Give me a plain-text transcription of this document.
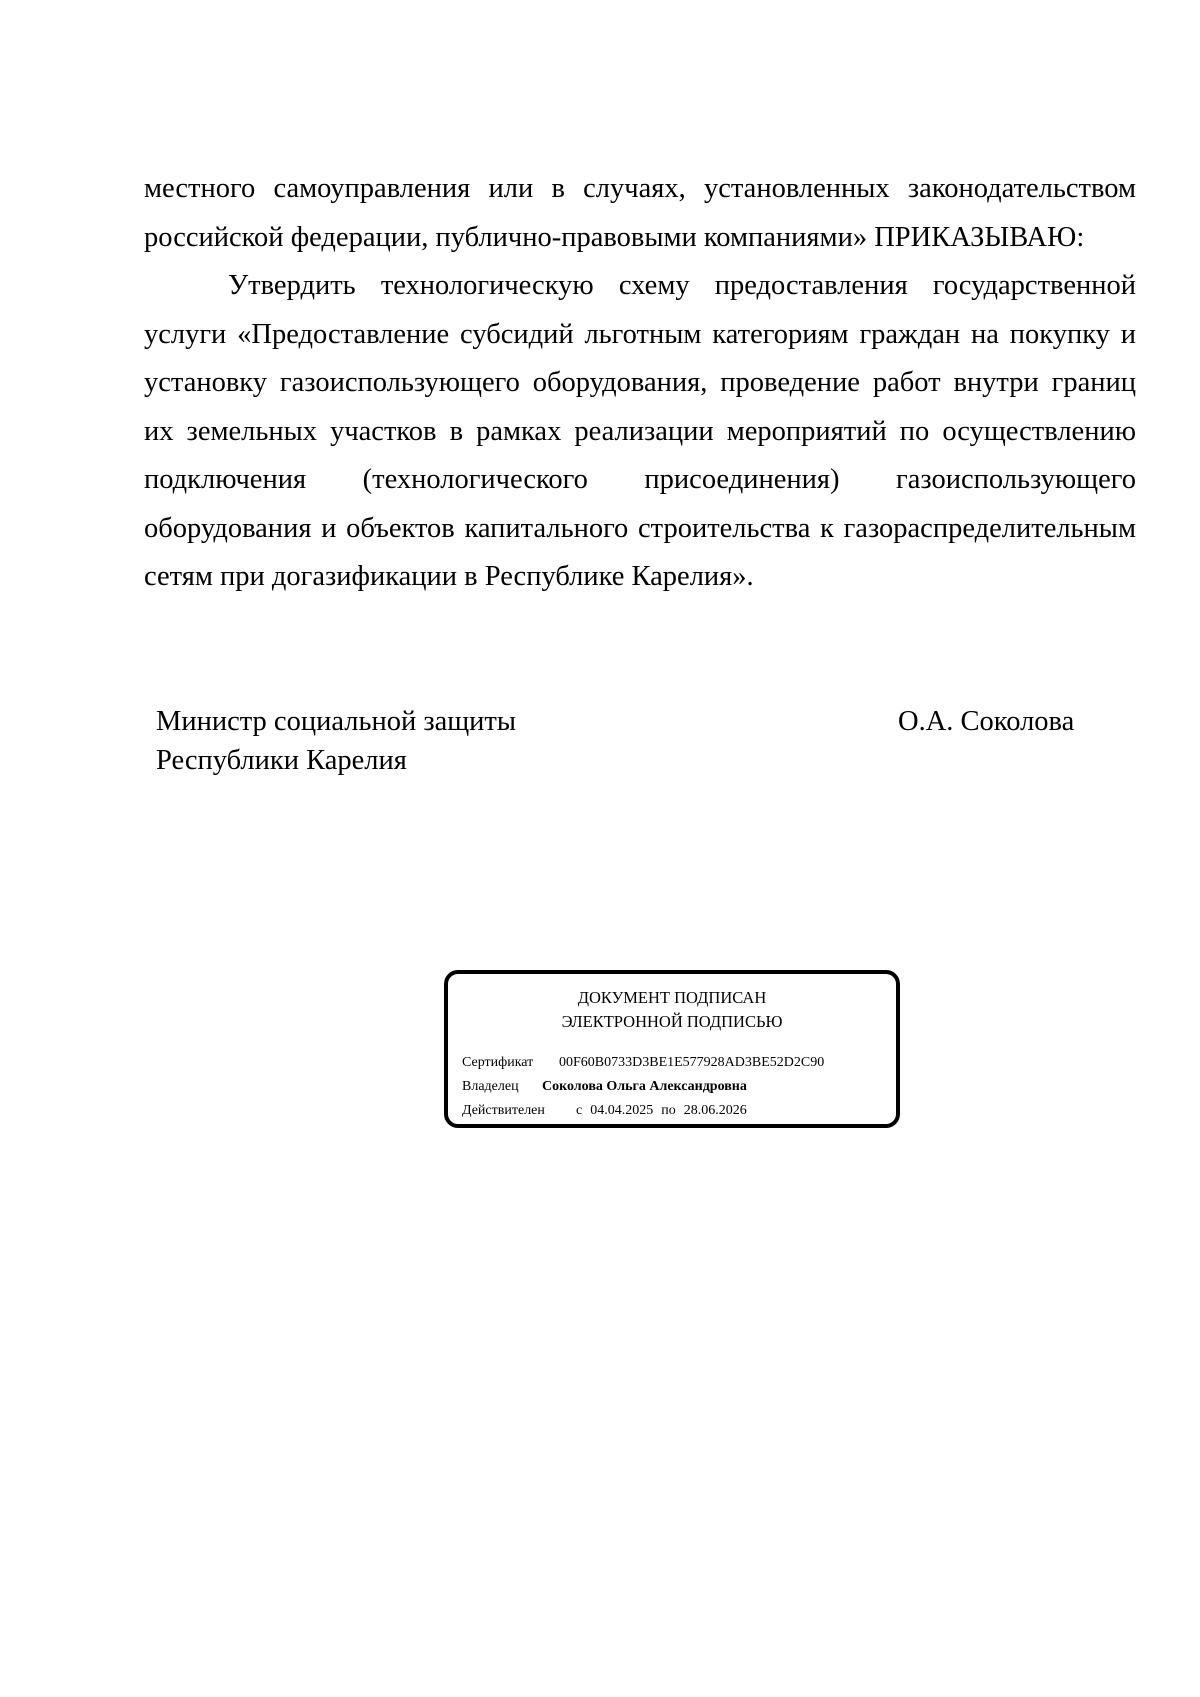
местного самоуправления или в случаях, установленных законодательством российской федерации, публично-правовыми компаниями» ПРИКАЗЫВАЮ:

Утвердить технологическую схему предоставления государственной услуги «Предоставление субсидий льготным категориям граждан на покупку и установку газоиспользующего оборудования, проведение работ внутри границ их земельных участков в рамках реализации мероприятий по осуществлению подключения (технологического присоединения) газоиспользующего оборудования и объектов капитального строительства к газораспределительным сетям при догазификации в Республике Карелия».

Министр социальной защиты
Республики Карелия

О.А. Соколова

ДОКУМЕНТ ПОДПИСАН
ЭЛЕКТРОННОЙ ПОДПИСЬЮ

Сертификат 00F60B0733D3BE1E577928AD3BE52D2C90
Владелец Соколова Ольга Александровна
Действителен с 04.04.2025 по 28.06.2026
